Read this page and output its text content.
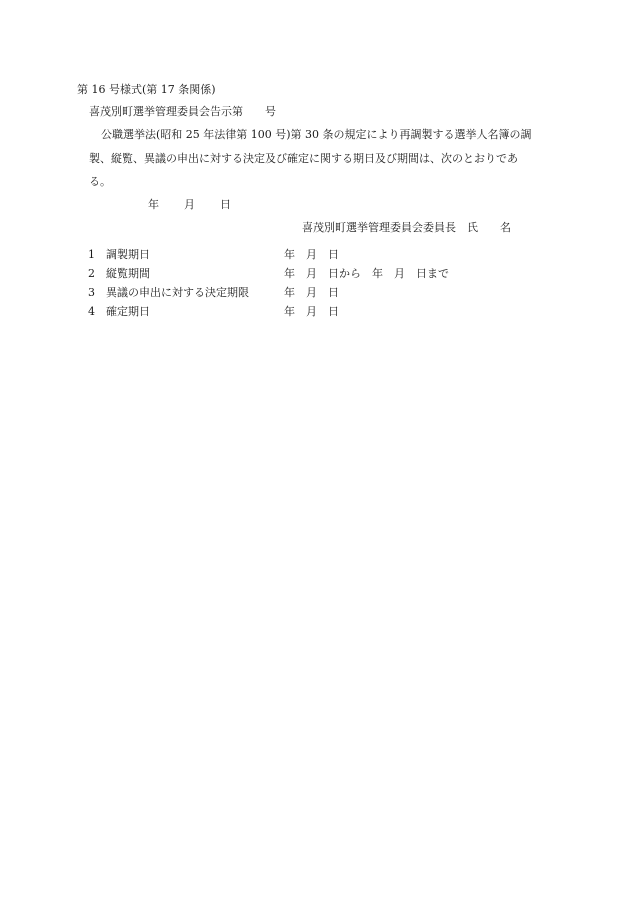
第 16 号様式(第 17 条関係)
喜茂別町選挙管理委員会告示第　　号
公職選挙法(昭和 25 年法律第 100 号)第 30 条の規定により再調製する選挙人名簿の調
製、縦覧、異議の申出に対する決定及び確定に関する期日及び期間は、次のとおりであ
る。
年 月 日
喜茂別町選挙管理委員会委員長　氏　　名
1 調製期日	年　月　日
2 縦覧期間	年　月　日から　年　月　日まで
3 異議の申出に対する決定期限	年　月　日
4 確定期日	年　月　日
